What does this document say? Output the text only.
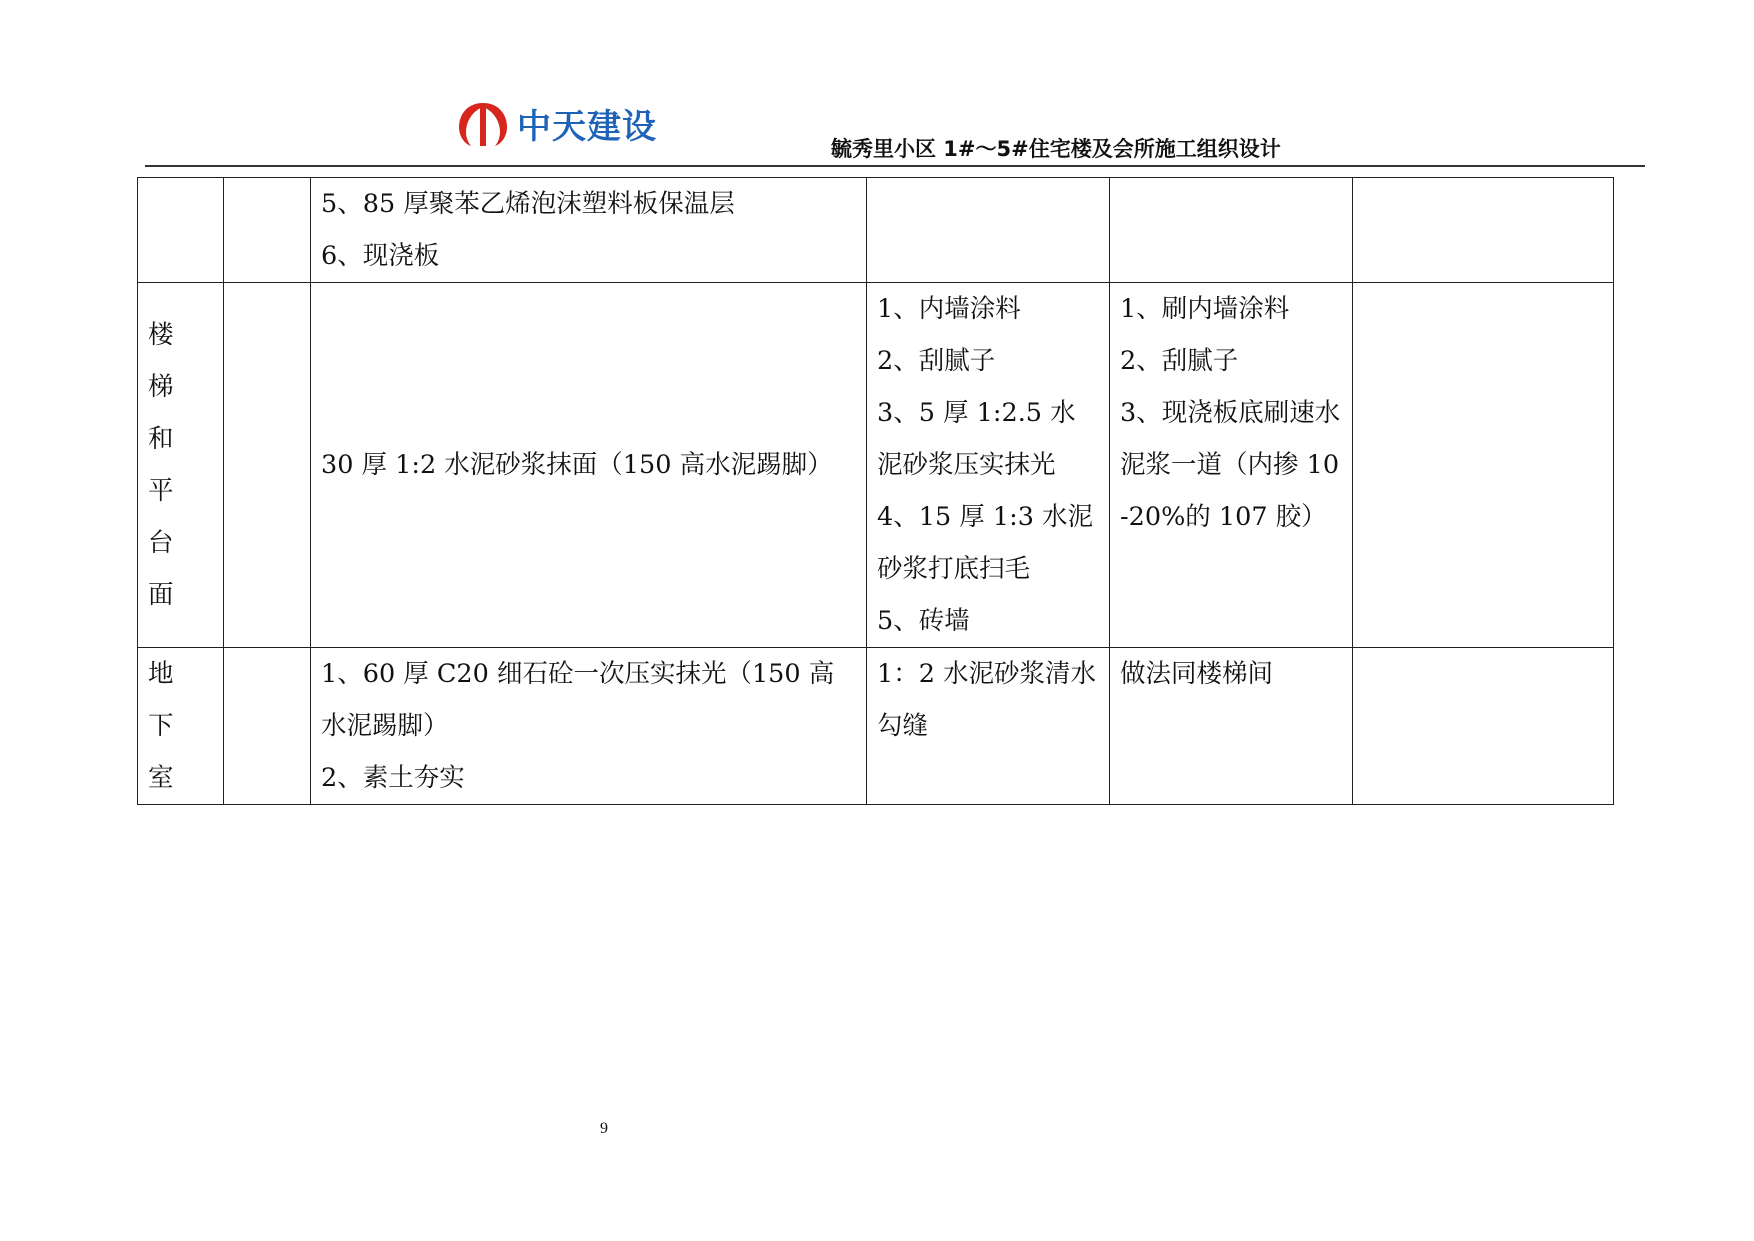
中天建设
毓秀里小区 1#～5#住宅楼及会所施工组织设计

		5、85 厚聚苯乙烯泡沫塑料板保温层
6、现浇板			

楼梯和平台面		30 厚 1:2 水泥砂浆抹面（150 高水泥踢脚）	1、内墙涂料
2、刮腻子
3、5 厚 1:2.5 水泥砂浆压实抹光
4、15 厚 1:3 水泥砂浆打底扫毛
5、砖墙	1、刷内墙涂料
2、刮腻子
3、现浇板底刷速水泥浆一道（内掺 10-20%的 107 胶）	

地下室		1、60 厚 C20 细石砼一次压实抹光（150 高水泥踢脚）
2、素土夯实	1：2 水泥砂浆清水勾缝	做法同楼梯间	

9
